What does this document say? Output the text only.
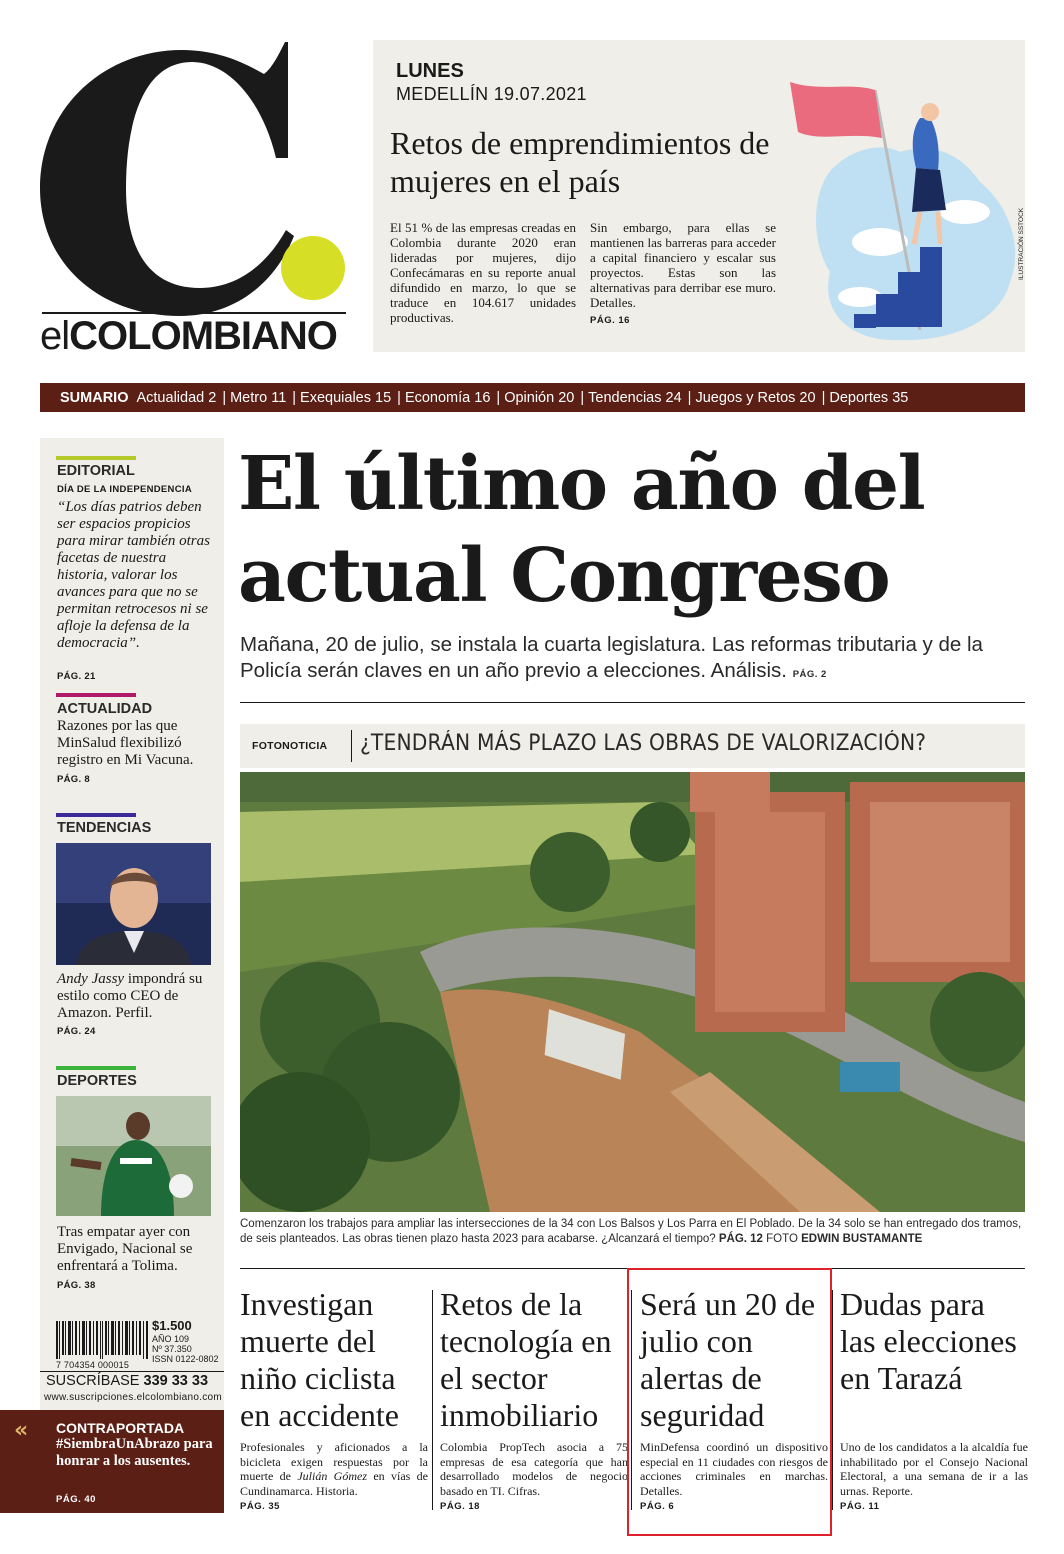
elCOLOMBIANO
LUNES
MEDELLÍN 19.07.2021
Retos de emprendimientos de mujeres en el país
El 51 % de las empresas creadas en Colombia durante 2020 eran lideradas por mujeres, dijo Confecámaras en su reporte anual difundido en marzo, lo que se traduce en 104.617 unidades productivas.
Sin embargo, para ellas se mantienen las barreras para acceder a capital financiero y escalar sus proyectos. Estas son las alternativas para derribar ese muro. Detalles.
PÁG. 16
ILUSTRACIÓN SSTOCK
SUMARIO Actualidad 2 | Metro 11 | Exequiales 15 | Economía 16 | Opinión 20 | Tendencias 24 | Juegos y Retos 20 | Deportes 35
EDITORIAL
DÍA DE LA INDEPENDENCIA
“Los días patrios deben ser espacios propicios para mirar también otras facetas de nuestra historia, valorar los avances para que no se permitan retrocesos ni se afloje la defensa de la democracia”.
PÁG. 21
ACTUALIDAD
Razones por las que MinSalud flexibilizó registro en Mi Vacuna.
PÁG. 8
TENDENCIAS
Andy Jassy impondrá su estilo como CEO de Amazon. Perfil.
PÁG. 24
DEPORTES
Tras empatar ayer con Envigado, Nacional se enfrentará a Tolima.
PÁG. 38
7 704354 000015
$1.500
AÑO 109
Nº 37.350
ISSN 0122-0802
SUSCRÍBASE 339 33 33
www.suscripciones.elcolombiano.com
« CONTRAPORTADA
#SiembraUnAbrazo para honrar a los ausentes.
PÁG. 40
El último año del actual Congreso
Mañana, 20 de julio, se instala la cuarta legislatura. Las reformas tributaria y de la Policía serán claves en un año previo a elecciones. Análisis. PÁG. 2
FOTONOTICIA ¿TENDRÁN MÁS PLAZO LAS OBRAS DE VALORIZACIÓN?
Comenzaron los trabajos para ampliar las intersecciones de la 34 con Los Balsos y Los Parra en El Poblado. De la 34 solo se han entregado dos tramos, de seis planteados. Las obras tienen plazo hasta 2023 para acabarse. ¿Alcanzará el tiempo? PÁG. 12 FOTO EDWIN BUSTAMANTE
Investigan muerte del niño ciclista en accidente
Profesionales y aficionados a la bicicleta exigen respuestas por la muerte de Julián Gómez en vías de Cundinamarca. Historia.
PÁG. 35
Retos de la tecnología en el sector inmobiliario
Colombia PropTech asocia a 75 empresas de esa categoría que han desarrollado modelos de negocio basado en TI. Cifras.
PÁG. 18
Será un 20 de julio con alertas de seguridad
MinDefensa coordinó un dispositivo especial en 11 ciudades con riesgos de acciones criminales en marchas. Detalles.
PÁG. 6
Dudas para las elecciones en Tarazá
Uno de los candidatos a la alcaldía fue inhabilitado por el Consejo Nacional Electoral, a una semana de ir a las urnas. Reporte.
PÁG. 11
